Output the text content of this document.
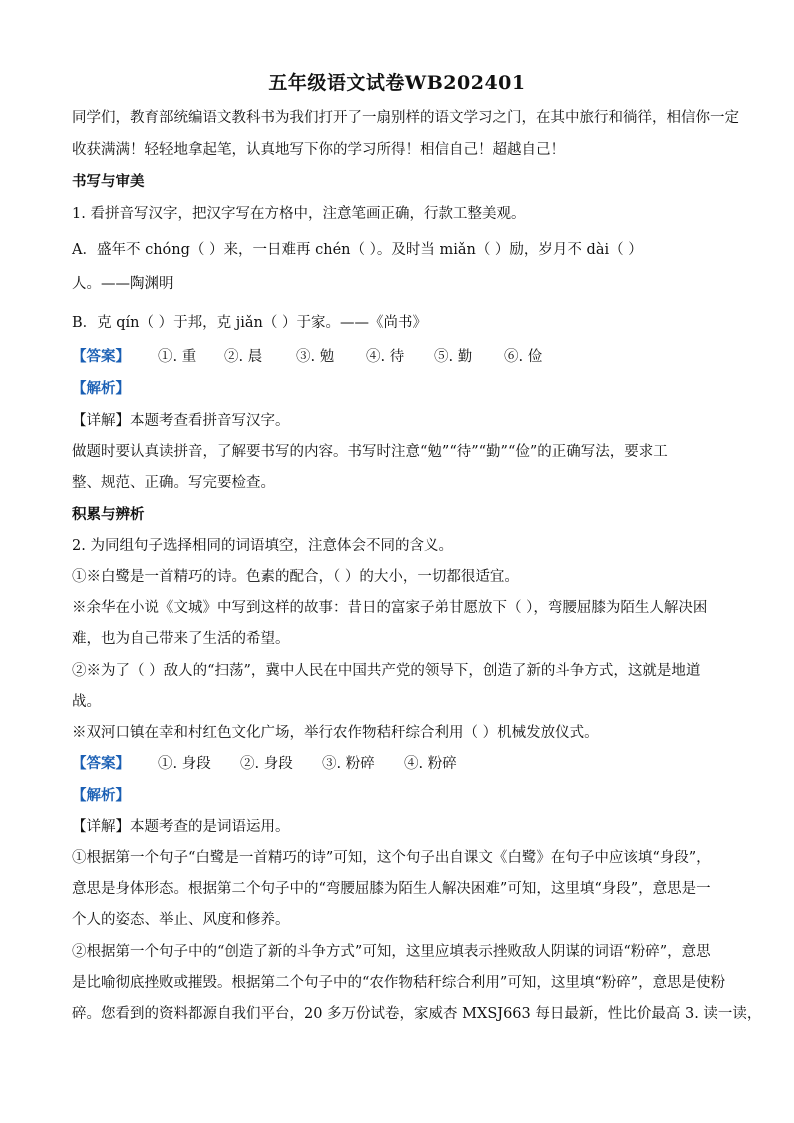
五年级语文试卷WB202401
同学们，教育部统编语文教科书为我们打开了一扇别样的语文学习之门，在其中旅行和徜徉，相信你一定
收获满满！轻轻地拿起笔，认真地写下你的学习所得！相信自己！超越自己！
书写与审美
1. 看拼音写汉字，把汉字写在方格中，注意笔画正确，行款工整美观。
A．盛年不 chóng（ ）来，一日难再 chén（ ）。及时当 miǎn（ ）励，岁月不 dài（ ）
人。——陶渊明
B．克 qín（ ）于邦，克 jiǎn（ ）于家。——《尚书》
【答案】 ①. 重 ②. 晨 ③. 勉 ④. 待 ⑤. 勤 ⑥. 俭
【解析】
【详解】本题考查看拼音写汉字。
做题时要认真读拼音，了解要书写的内容。书写时注意“勉”“待”“勤”“俭”的正确写法，要求工
整、规范、正确。写完要检查。
积累与辨析
2. 为同组句子选择相同的词语填空，注意体会不同的含义。
①※白鹭是一首精巧的诗。色素的配合，（ ）的大小，一切都很适宜。
※余华在小说《文城》中写到这样的故事：昔日的富家子弟甘愿放下（ ），弯腰屈膝为陌生人解决困
难，也为自己带来了生活的希望。
②※为了（ ）敌人的“扫荡”，冀中人民在中国共产党的领导下，创造了新的斗争方式，这就是地道
战。
※双河口镇在幸和村红色文化广场，举行农作物秸秆综合利用（ ）机械发放仪式。
【答案】 ①. 身段 ②. 身段 ③. 粉碎 ④. 粉碎
【解析】
【详解】本题考查的是词语运用。
①根据第一个句子“白鹭是一首精巧的诗”可知，这个句子出自课文《白鹭》在句子中应该填“身段”，
意思是身体形态。根据第二个句子中的“弯腰屈膝为陌生人解决困难”可知，这里填“身段”，意思是一
个人的姿态、举止、风度和修养。
②根据第一个句子中的“创造了新的斗争方式”可知，这里应填表示挫败敌人阴谋的词语“粉碎”，意思
是比喻彻底挫败或摧毁。根据第二个句子中的“农作物秸秆综合利用”可知，这里填“粉碎”，意思是使粉
碎。您看到的资料都源自我们平台，20 多万份试卷，家威杏 MXSJ663 每日最新，性比价最高 3. 读一读，
